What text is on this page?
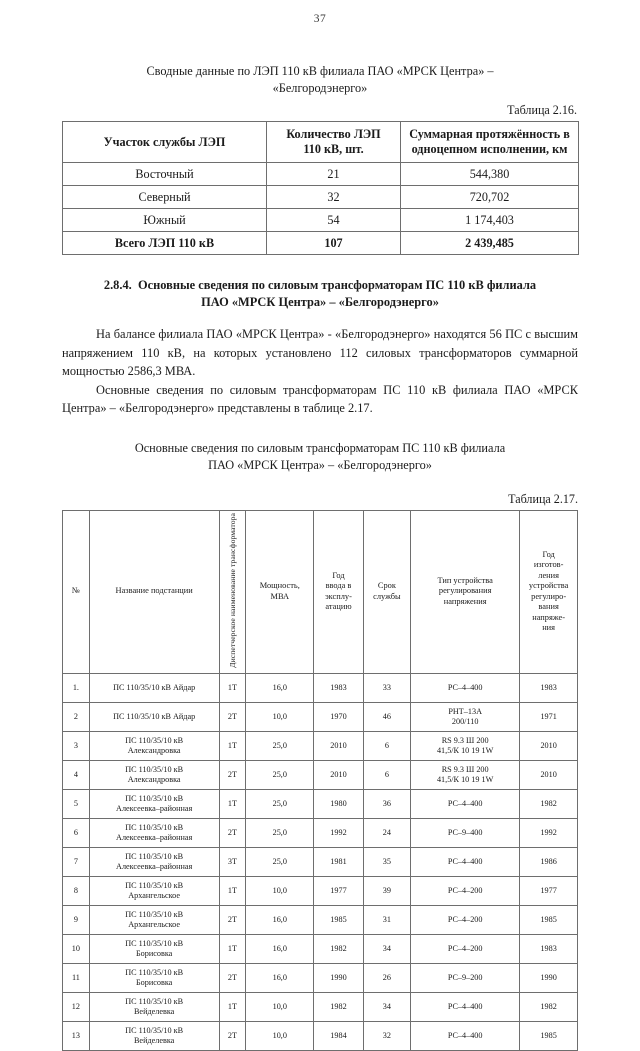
37
Сводные данные по ЛЭП 110 кВ филиала ПАО «МРСК Центра» –
«Белгородэнерго»
Таблица 2.16.
Участок службы ЛЭП	Количество ЛЭП
110 кВ, шт.	Суммарная протяжённость в
одноцепном исполнении, км
Восточный	21	544,380
Северный	32	720,702
Южный	54	1 174,403
Всего ЛЭП 110 кВ	107	2 439,485
2.8.4. Основные сведения по силовым трансформаторам ПС 110 кВ филиала
ПАО «МРСК Центра» – «Белгородэнерго»

На балансе филиала ПАО «МРСК Центра» - «Белгородэнерго» находятся 56 ПС с высшим напряжением 110 кВ, на которых установлено 112 силовых трансформаторов суммарной мощностью 2586,3 МВА.

Основные сведения по силовым трансформаторам ПС 110 кВ филиала ПАО «МРСК Центра» – «Белгородэнерго» представлены в таблице 2.17.

Основные сведения по силовым трансформаторам ПС 110 кВ филиала
ПАО «МРСК Центра» – «Белгородэнерго»
Таблица 2.17.
№	Название подстанции	Диспетчерское наименование трансформатора	Мощность,
МВА	Год
ввода в
эксплу-
атацию	Срок
службы	Тип устройства
регулирования
напряжения	Год
изготов-
ления
устройства
регулиро-
вания
напряже-
ния
1.	ПС 110/35/10 кВ Айдар	1Т	16,0	1983	33	РС–4–400	1983
2	ПС 110/35/10 кВ Айдар	2Т	10,0	1970	46	РНТ–13А
200/110	1971
3	ПС 110/35/10 кВ
Александровка	1Т	25,0	2010	6	RS 9.3 Ш 200
41,5/К 10 19 1W	2010
4	ПС 110/35/10 кВ
Александровка	2Т	25,0	2010	6	RS 9.3 Ш 200
41,5/К 10 19 1W	2010
5	ПС 110/35/10 кВ
Алексеевка–районная	1Т	25,0	1980	36	РС–4–400	1982
6	ПС 110/35/10 кВ
Алексеевка–районная	2Т	25,0	1992	24	РС–9–400	1992
7	ПС 110/35/10 кВ
Алексеевка–районная	3Т	25,0	1981	35	РС–4–400	1986
8	ПС 110/35/10 кВ
Архангельское	1Т	10,0	1977	39	РС–4–200	1977
9	ПС 110/35/10 кВ
Архангельское	2Т	16,0	1985	31	РС–4–200	1985
10	ПС 110/35/10 кВ
Борисовка	1Т	16,0	1982	34	РС–4–200	1983
11	ПС 110/35/10 кВ
Борисовка	2Т	16,0	1990	26	РС–9–200	1990
12	ПС 110/35/10 кВ
Вейделевка	1Т	10,0	1982	34	РС–4–400	1982
13	ПС 110/35/10 кВ
Вейделевка	2Т	10,0	1984	32	РС–4–400	1985
